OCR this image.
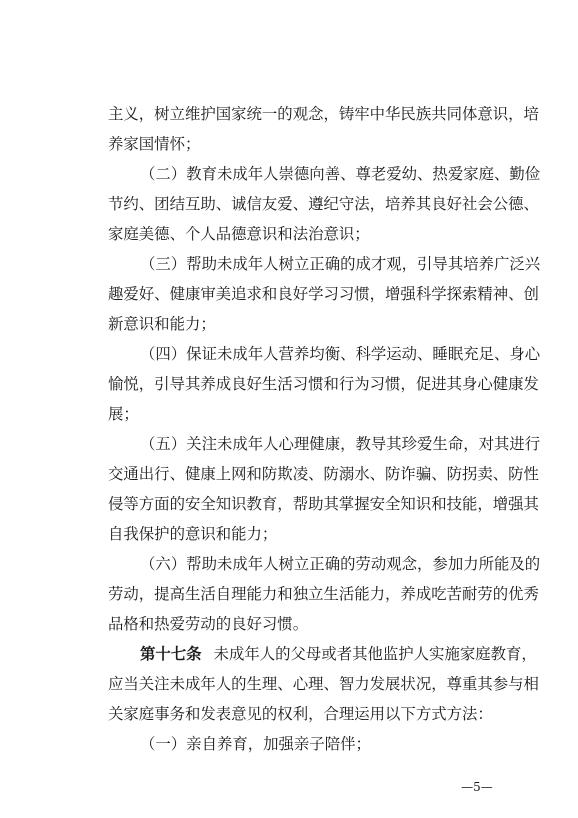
主义，树立维护国家统一的观念，铸牢中华民族共同体意识，培
养家国情怀；
（二）教育未成年人崇德向善、尊老爱幼、热爱家庭、勤俭
节约、团结互助、诚信友爱、遵纪守法，培养其良好社会公德、
家庭美德、个人品德意识和法治意识；
（三）帮助未成年人树立正确的成才观，引导其培养广泛兴
趣爱好、健康审美追求和良好学习习惯，增强科学探索精神、创
新意识和能力；
（四）保证未成年人营养均衡、科学运动、睡眠充足、身心
愉悦，引导其养成良好生活习惯和行为习惯，促进其身心健康发
展；
（五）关注未成年人心理健康，教导其珍爱生命，对其进行
交通出行、健康上网和防欺凌、防溺水、防诈骗、防拐卖、防性
侵等方面的安全知识教育，帮助其掌握安全知识和技能，增强其
自我保护的意识和能力；
（六）帮助未成年人树立正确的劳动观念，参加力所能及的
劳动，提高生活自理能力和独立生活能力，养成吃苦耐劳的优秀
品格和热爱劳动的良好习惯。
第十七条 未成年人的父母或者其他监护人实施家庭教育，
应当关注未成年人的生理、心理、智力发展状况，尊重其参与相
关家庭事务和发表意见的权利，合理运用以下方式方法：
（一）亲自养育，加强亲子陪伴；
—5—
